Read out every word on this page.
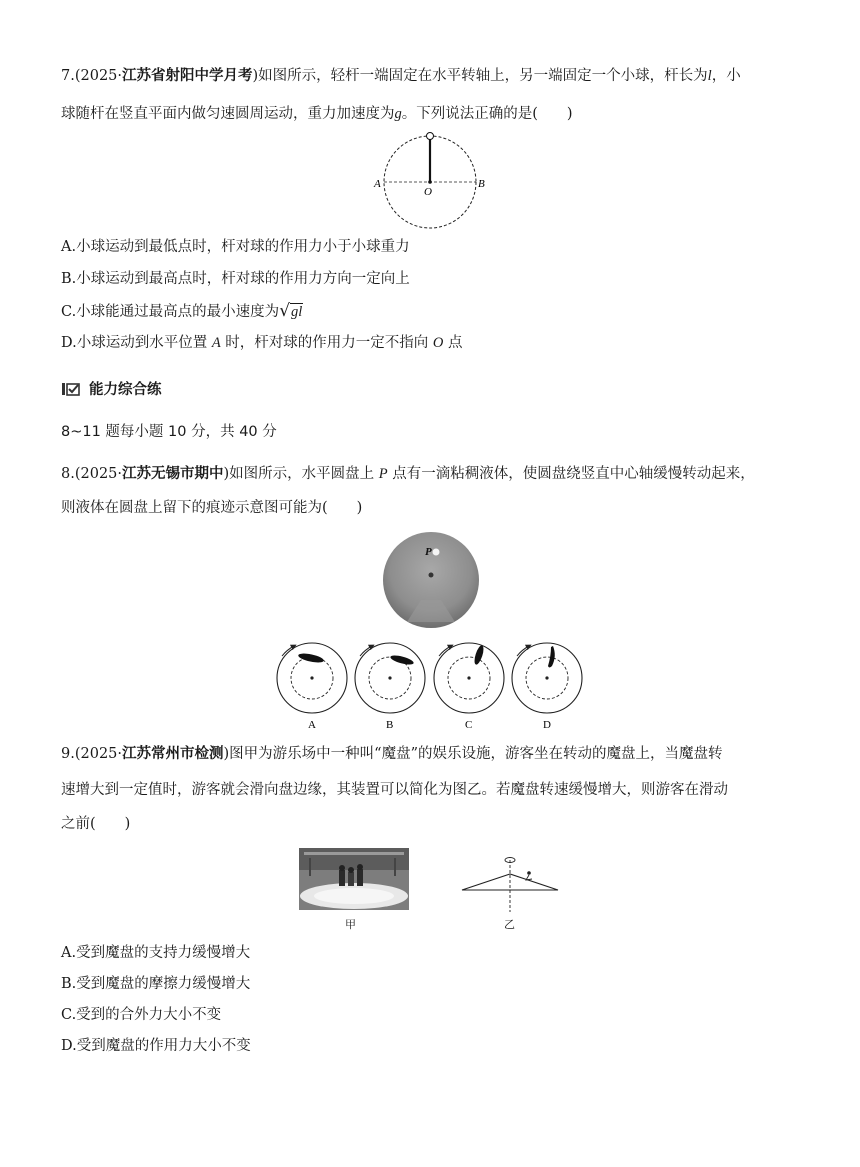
7.(2025·江苏省射阳中学月考)如图所示，轻杆一端固定在水平转轴上，另一端固定一个小球，杆长为l，小
球随杆在竖直平面内做匀速圆周运动，重力加速度为g。下列说法正确的是(　　)
A
O
B
A.小球运动到最低点时，杆对球的作用力小于小球重力
B.小球运动到最高点时，杆对球的作用力方向一定向上
C.小球能通过最高点的最小速度为√gl
D.小球运动到水平位置 A 时，杆对球的作用力一定不指向 O 点
能力综合练
8~11 题每小题 10 分，共 40 分
8.(2025·江苏无锡市期中)如图所示，水平圆盘上 P 点有一滴粘稠液体，使圆盘绕竖直中心轴缓慢转动起来，
则液体在圆盘上留下的痕迹示意图可能为(　　)
P
A	B	C	D
9.(2025·江苏常州市检测)图甲为游乐场中一种叫“魔盘”的娱乐设施，游客坐在转动的魔盘上，当魔盘转
速增大到一定值时，游客就会滑向盘边缘，其装置可以简化为图乙。若魔盘转速缓慢增大，则游客在滑动
之前(　　)
甲	乙
A.受到魔盘的支持力缓慢增大
B.受到魔盘的摩擦力缓慢增大
C.受到的合外力大小不变
D.受到魔盘的作用力大小不变
